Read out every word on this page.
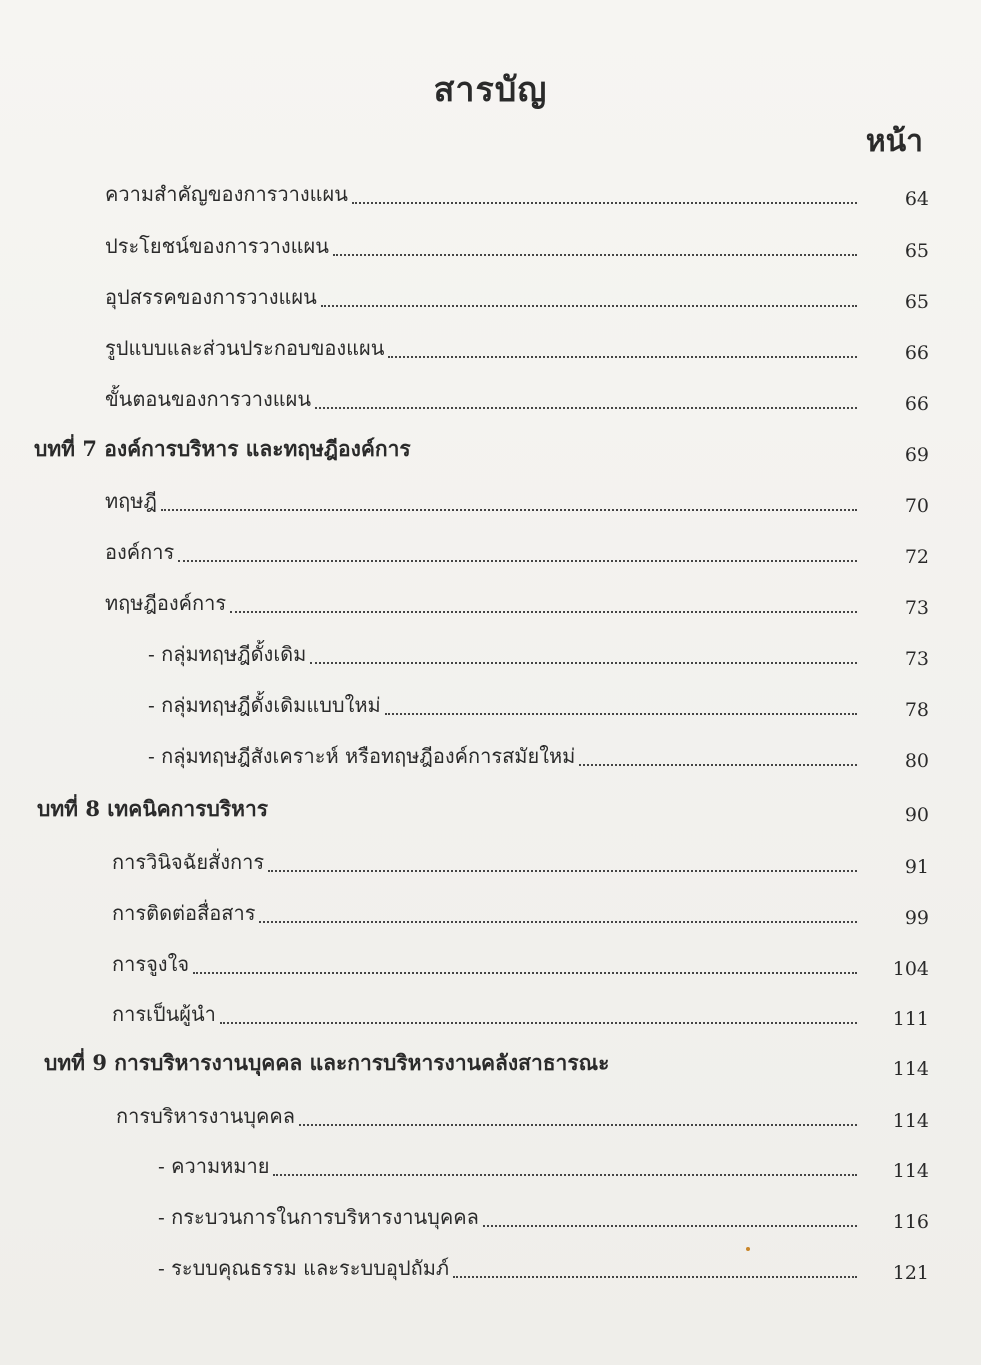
สารบัญ
หน้า
ความสำคัญของการวางแผน	64
ประโยชน์ของการวางแผน	65
อุปสรรคของการวางแผน	65
รูปแบบและส่วนประกอบของแผน	66
ขั้นตอนของการวางแผน	66
บทที่ 7 องค์การบริหาร และทฤษฎีองค์การ	69
ทฤษฎี	70
องค์การ	72
ทฤษฎีองค์การ	73
- กลุ่มทฤษฎีดั้งเดิม	73
- กลุ่มทฤษฎีดั้งเดิมแบบใหม่	78
- กลุ่มทฤษฎีสังเคราะห์ หรือทฤษฎีองค์การสมัยใหม่	80
บทที่ 8 เทคนิคการบริหาร	90
การวินิจฉัยสั่งการ	91
การติดต่อสื่อสาร	99
การจูงใจ	104
การเป็นผู้นำ	111
บทที่ 9 การบริหารงานบุคคล และการบริหารงานคลังสาธารณะ	114
การบริหารงานบุคคล	114
- ความหมาย	114
- กระบวนการในการบริหารงานบุคคล	116
- ระบบคุณธรรม และระบบอุปถัมภ์	121
